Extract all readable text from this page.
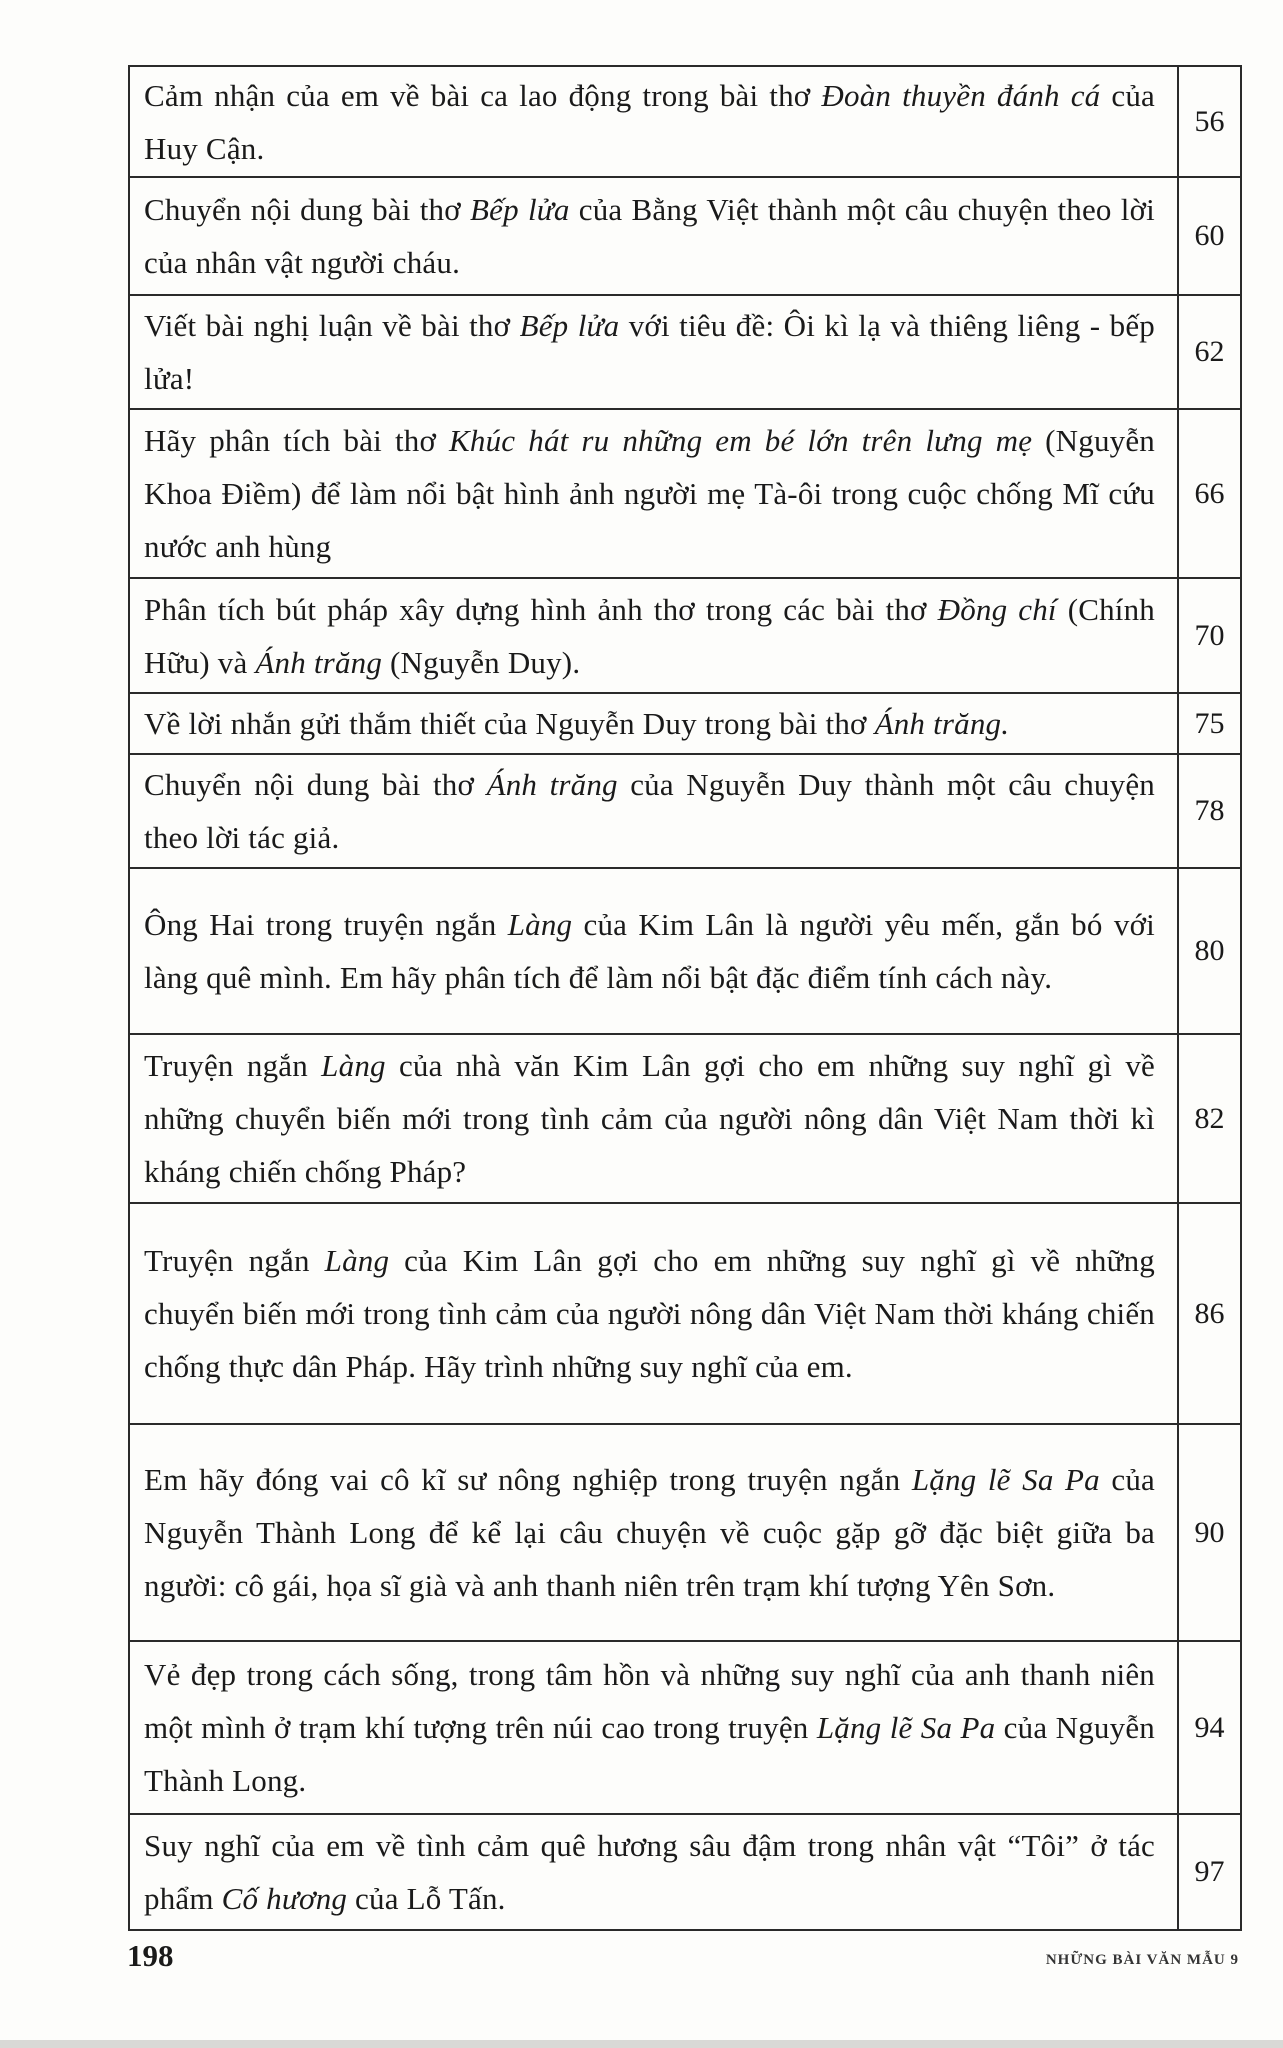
Cảm nhận của em về bài ca lao động trong bài thơ Đoàn thuyền đánh cá của Huy Cận.	56
Chuyển nội dung bài thơ Bếp lửa của Bằng Việt thành một câu chuyện theo lời của nhân vật người cháu.	60
Viết bài nghị luận về bài thơ Bếp lửa với tiêu đề: Ôi kì lạ và thiêng liêng - bếp lửa!	62
Hãy phân tích bài thơ Khúc hát ru những em bé lớn trên lưng mẹ (Nguyễn Khoa Điềm) để làm nổi bật hình ảnh người mẹ Tà-ôi trong cuộc chống Mĩ cứu nước anh hùng	66
Phân tích bút pháp xây dựng hình ảnh thơ trong các bài thơ Đồng chí (Chính Hữu) và Ánh trăng (Nguyễn Duy).	70
Về lời nhắn gửi thắm thiết của Nguyễn Duy trong bài thơ Ánh trăng.	75
Chuyển nội dung bài thơ Ánh trăng của Nguyễn Duy thành một câu chuyện theo lời tác giả.	78
Ông Hai trong truyện ngắn Làng của Kim Lân là người yêu mến, gắn bó với làng quê mình. Em hãy phân tích để làm nổi bật đặc điểm tính cách này.	80
Truyện ngắn Làng của nhà văn Kim Lân gợi cho em những suy nghĩ gì về những chuyển biến mới trong tình cảm của người nông dân Việt Nam thời kì kháng chiến chống Pháp?	82
Truyện ngắn Làng của Kim Lân gợi cho em những suy nghĩ gì về những chuyển biến mới trong tình cảm của người nông dân Việt Nam thời kháng chiến chống thực dân Pháp. Hãy trình những suy nghĩ của em.	86
Em hãy đóng vai cô kĩ sư nông nghiệp trong truyện ngắn Lặng lẽ Sa Pa của Nguyễn Thành Long để kể lại câu chuyện về cuộc gặp gỡ đặc biệt giữa ba người: cô gái, họa sĩ già và anh thanh niên trên trạm khí tượng Yên Sơn.	90
Vẻ đẹp trong cách sống, trong tâm hồn và những suy nghĩ của anh thanh niên một mình ở trạm khí tượng trên núi cao trong truyện Lặng lẽ Sa Pa của Nguyễn Thành Long.	94
Suy nghĩ của em về tình cảm quê hương sâu đậm trong nhân vật “Tôi” ở tác phẩm Cố hương của Lỗ Tấn.	97
198	NHỮNG BÀI VĂN MẪU 9
